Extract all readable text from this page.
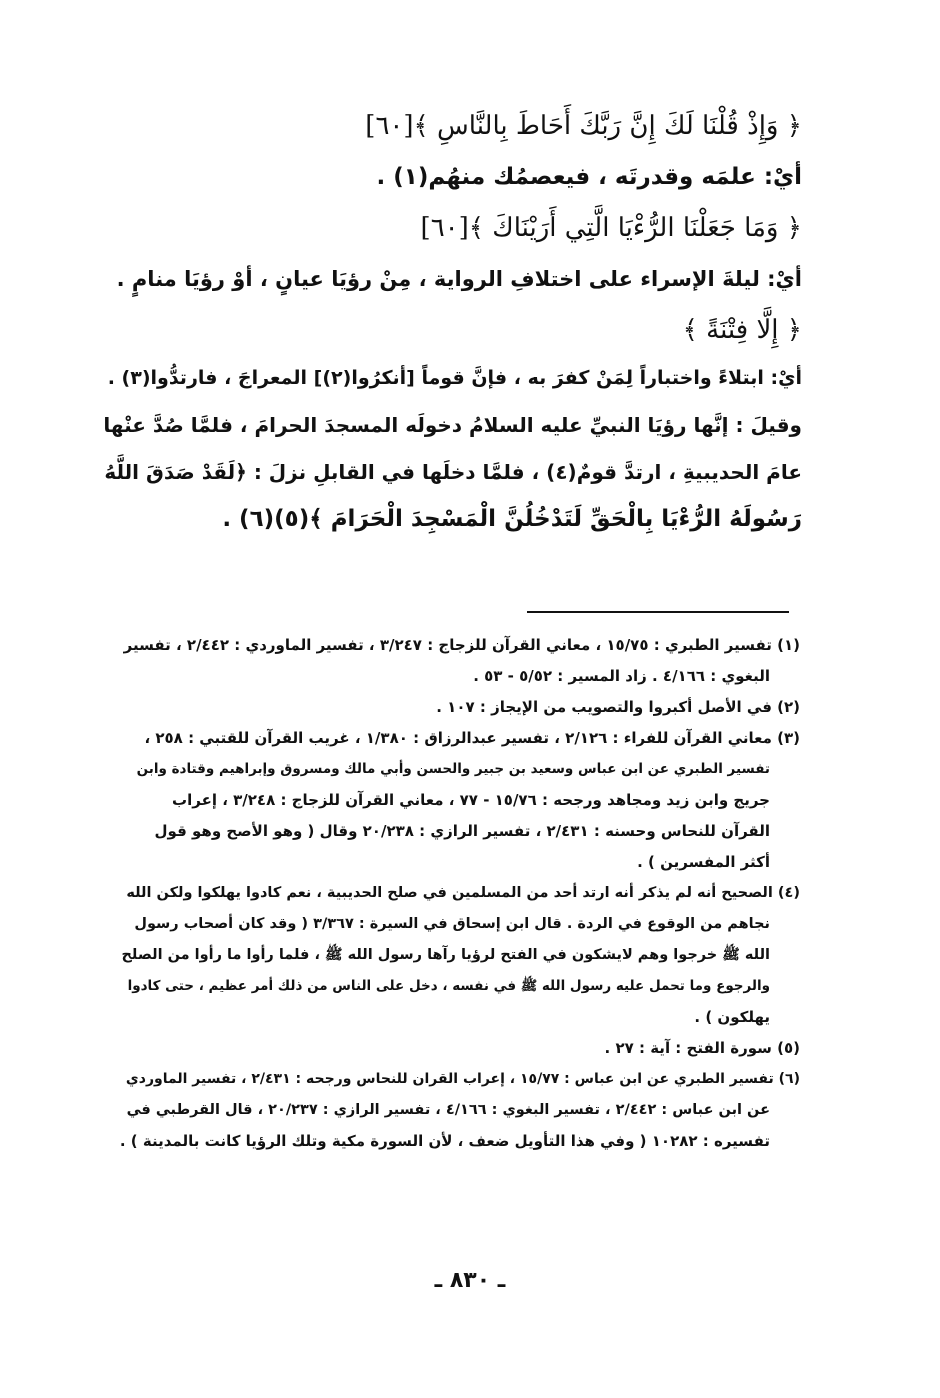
﴿ وَإِذْ قُلْنَا لَكَ إِنَّ رَبَّكَ أَحَاطَ بِالنَّاسِ ﴾[٦٠]
أيْ: علمَه وقدرتَه ، فيعصمُك منهُم(١) .
﴿ وَمَا جَعَلْنَا الرُّءْيَا الَّتِي أَرَيْنَاكَ ﴾[٦٠]
أيْ: ليلةَ الإسراء على اختلافِ الرواية ، مِنْ رؤيَا عيانٍ ، أوْ رؤيَا منامٍ .
﴿ إِلَّا فِتْنَةً ﴾
أيْ: ابتلاءً واختباراً لِمَنْ كفرَ به ، فإنَّ قوماً [أنكرُوا(٢)] المعراجَ ، فارتدُّوا(٣) .
وقيلَ : إنَّها رؤيَا النبيِّ عليه السلامُ دخولَه المسجدَ الحرامَ ، فلمَّا صُدَّ عنْها
عامَ الحديبيةِ ، ارتدَّ قومٌ(٤) ، فلمَّا دخلَها في القابلِ نزلَ : ﴿لَقَدْ صَدَقَ اللَّهُ
رَسُولَهُ الرُّءْيَا بِالْحَقِّ لَتَدْخُلُنَّ الْمَسْجِدَ الْحَرَامَ ﴾(٥)(٦) .
(١) تفسير الطبري : ١٥/٧٥ ، معاني القرآن للزجاج : ٣/٢٤٧ ، تفسير الماوردي : ٢/٤٤٢ ، تفسير
البغوي : ٤/١٦٦ . زاد المسير : ٥/٥٢ - ٥٣ .
(٢) في الأصل أكبروا والتصويب من الإيجاز : ١٠٧ .
(٣) معاني القرآن للفراء : ٢/١٢٦ ، تفسير عبدالرزاق : ١/٣٨٠ ، غريب القرآن للقتبي : ٢٥٨ ،
تفسير الطبري عن ابن عباس وسعيد بن جبير والحسن وأبي مالك ومسروق وإبراهيم وقتادة وابن
جريج وابن زيد ومجاهد ورجحه : ١٥/٧٦ - ٧٧ ، معاني القرآن للزجاج : ٣/٢٤٨ ، إعراب
القرآن للنحاس وحسنه : ٢/٤٣١ ، تفسير الرازي : ٢٠/٢٣٨ وقال ( وهو الأصح وهو قول
أكثر المفسرين ) .
(٤) الصحيح أنه لم يذكر أنه ارتد أحد من المسلمين في صلح الحديبية ، نعم كادوا يهلكوا ولكن الله
نجاهم من الوقوع في الردة . قال ابن إسحاق في السيرة : ٣/٣٦٧ ( وقد كان أصحاب رسول
الله ﷺ خرجوا وهم لايشكون في الفتح لرؤيا رآها رسول الله ﷺ ، فلما رأوا ما رأوا من الصلح
والرجوع وما تحمل عليه رسول الله ﷺ في نفسه ، دخل على الناس من ذلك أمر عظيم ، حتى كادوا
يهلكون ) .
(٥) سورة الفتح : آية : ٢٧ .
(٦) تفسير الطبري عن ابن عباس : ١٥/٧٧ ، إعراب القران للنحاس ورجحه : ٢/٤٣١ ، تفسير الماوردي
عن ابن عباس : ٢/٤٤٢ ، تفسير البغوي : ٤/١٦٦ ، تفسير الرازي : ٢٠/٢٣٧ ، قال القرطبي في
تفسيره : ١٠٢٨٢ ( وفي هذا التأويل ضعف ، لأن السورة مكية وتلك الرؤيا كانت بالمدينة ) .
ـ ٨٣٠ ـ
